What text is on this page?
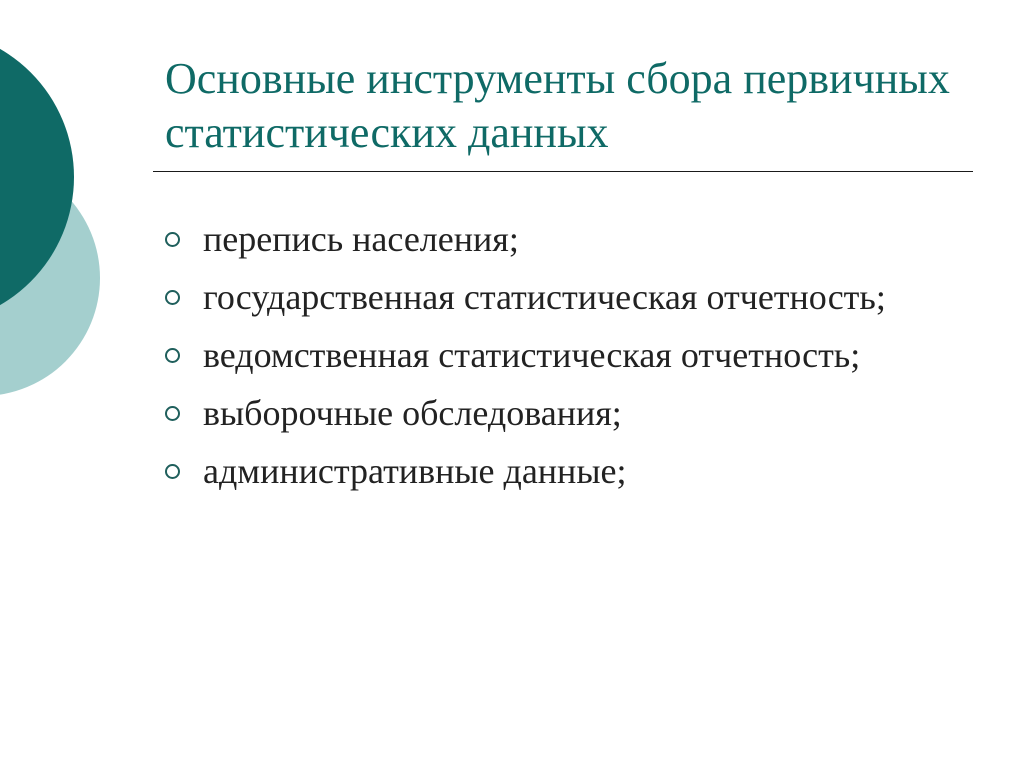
Основные инструменты сбора первичных статистических данных
перепись населения;
государственная статистическая отчетность;
ведомственная статистическая отчетность;
выборочные обследования;
административные данные;
